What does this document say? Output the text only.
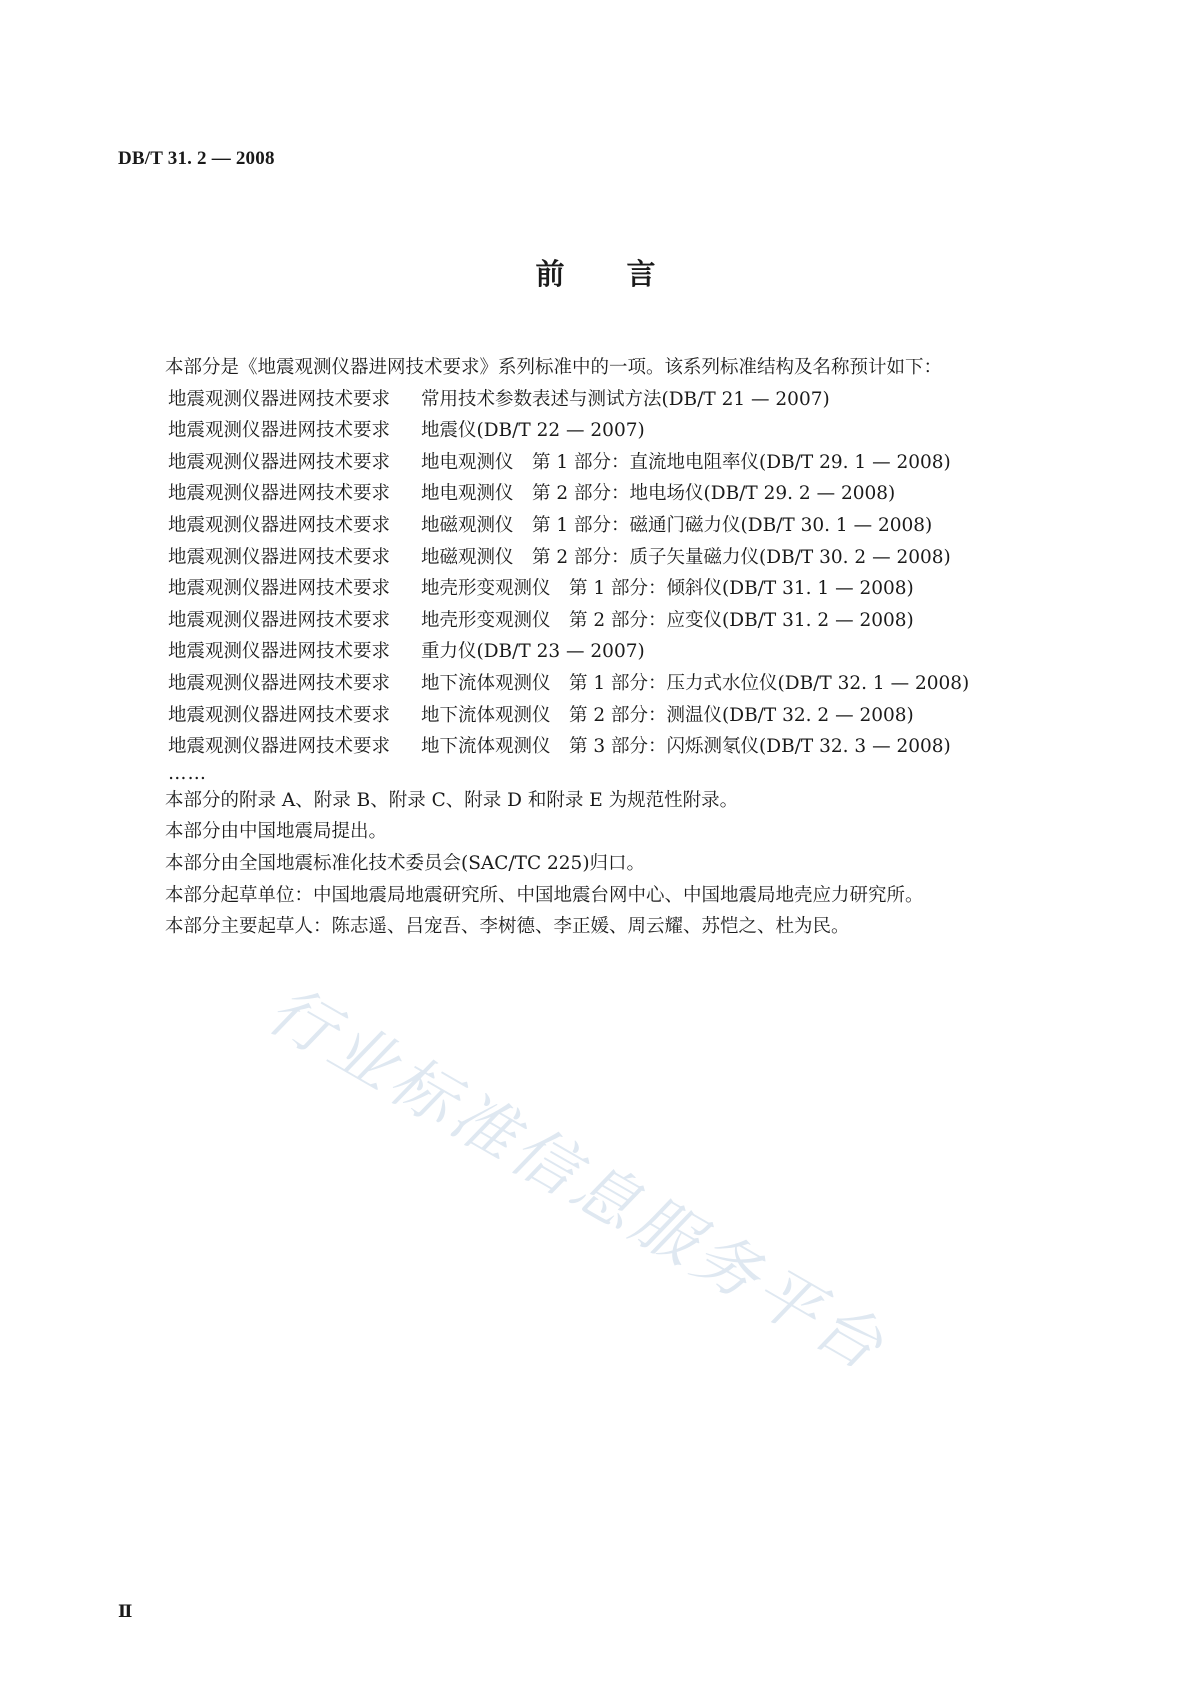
DB/T 31. 2 — 2008
前言
本部分是《地震观测仪器进网技术要求》系列标准中的一项。该系列标准结构及名称预计如下：
地震观测仪器进网技术要求 常用技术参数表述与测试方法(DB/T 21 — 2007)
地震观测仪器进网技术要求 地震仪(DB/T 22 — 2007)
地震观测仪器进网技术要求 地电观测仪　第 1 部分：直流地电阻率仪(DB/T 29. 1 — 2008)
地震观测仪器进网技术要求 地电观测仪　第 2 部分：地电场仪(DB/T 29. 2 — 2008)
地震观测仪器进网技术要求 地磁观测仪　第 1 部分：磁通门磁力仪(DB/T 30. 1 — 2008)
地震观测仪器进网技术要求 地磁观测仪　第 2 部分：质子矢量磁力仪(DB/T 30. 2 — 2008)
地震观测仪器进网技术要求 地壳形变观测仪　第 1 部分：倾斜仪(DB/T 31. 1 — 2008)
地震观测仪器进网技术要求 地壳形变观测仪　第 2 部分：应变仪(DB/T 31. 2 — 2008)
地震观测仪器进网技术要求 重力仪(DB/T 23 — 2007)
地震观测仪器进网技术要求 地下流体观测仪　第 1 部分：压力式水位仪(DB/T 32. 1 — 2008)
地震观测仪器进网技术要求 地下流体观测仪　第 2 部分：测温仪(DB/T 32. 2 — 2008)
地震观测仪器进网技术要求 地下流体观测仪　第 3 部分：闪烁测氡仪(DB/T 32. 3 — 2008)
……
本部分的附录 A、附录 B、附录 C、附录 D 和附录 E 为规范性附录。
本部分由中国地震局提出。
本部分由全国地震标准化技术委员会(SAC/TC 225)归口。
本部分起草单位：中国地震局地震研究所、中国地震台网中心、中国地震局地壳应力研究所。
本部分主要起草人：陈志遥、吕宠吾、李树德、李正媛、周云耀、苏恺之、杜为民。
行业标准信息服务平台
Ⅱ
